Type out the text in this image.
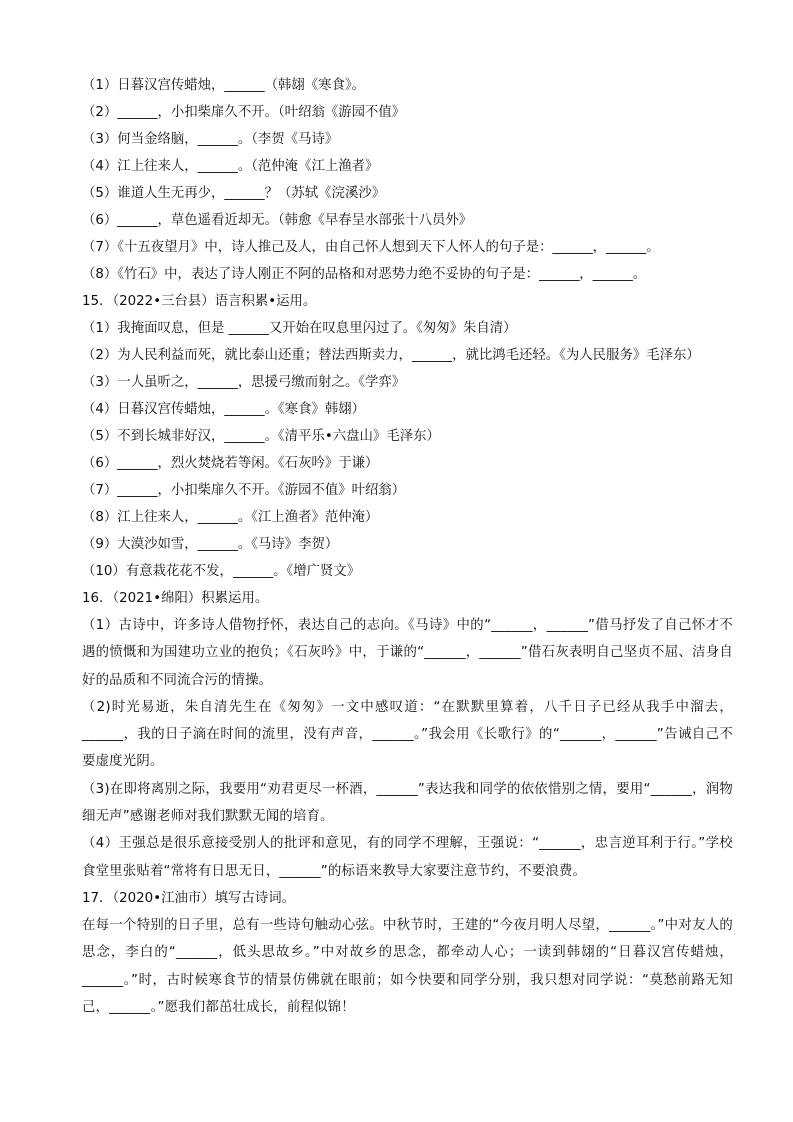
（1）日暮汉宫传蜡烛，______（韩翃《寒食》。
（2）______，小扣柴扉久不开。（叶绍翁《游园不值》
（3）何当金络脑，______。（李贺《马诗》
（4）江上往来人，______。（范仲淹《江上渔者》
（5）谁道人生无再少，______？（苏轼《浣溪沙》
（6）______，草色遥看近却无。（韩愈《早春呈水部张十八员外》
（7）《十五夜望月》中，诗人推己及人，由自己怀人想到天下人怀人的句子是：______，______。
（8）《竹石》中，表达了诗人刚正不阿的品格和对恶势力绝不妥协的句子是：______，______。
15．（2022•三台县）语言积累•运用。
（1）我掩面叹息，但是 ______又开始在叹息里闪过了。《匆匆》朱自清）
（2）为人民利益而死，就比泰山还重；替法西斯卖力，______，就比鸿毛还轻。《为人民服务》毛泽东）
（3）一人虽听之，______，思援弓缴而射之。《学弈》
（4）日暮汉宫传蜡烛，______。《寒食》韩翃）
（5）不到长城非好汉，______。《清平乐•六盘山》毛泽东）
（6）______，烈火焚烧若等闲。《石灰吟》于谦）
（7）______，小扣柴扉久不开。《游园不值》叶绍翁）
（8）江上往来人，______。《江上渔者》范仲淹）
（9）大漠沙如雪，______。《马诗》李贺）
（10）有意栽花花不发，______。《增广贤文》
16．（2021•绵阳）积累运用。
（1）古诗中，许多诗人借物抒怀，表达自己的志向。《马诗》中的“______，______”借马抒发了自己怀才不遇的愤慨和为国建功立业的抱负；《石灰吟》中，于谦的“______，______”借石灰表明自己坚贞不屈、洁身自好的品质和不同流合污的情操。
（2)时光易逝，朱自清先生在《匆匆》一文中感叹道：“在默默里算着，八千日子已经从我手中溜去，______，我的日子滴在时间的流里，没有声音，______。”我会用《长歌行》的“______，______”告诫自己不要虚度光阴。
（3)在即将离别之际，我要用“劝君更尽一杯酒，______”表达我和同学的依依惜别之情，要用“______，润物细无声”感谢老师对我们默默无闻的培育。
（4）王强总是很乐意接受别人的批评和意见，有的同学不理解，王强说：“______，忠言逆耳利于行。”学校食堂里张贴着“常将有日思无日，______”的标语来教导大家要注意节约，不要浪费。
17．（2020•江油市）填写古诗词。
在每一个特别的日子里，总有一些诗句触动心弦。中秋节时，王建的“今夜月明人尽望，______。”中对友人的思念，李白的“______，低头思故乡。”中对故乡的思念，都牵动人心；一读到韩翃的“日暮汉宫传蜡烛，______。”时，古时候寒食节的情景仿佛就在眼前；如今快要和同学分别，我只想对同学说：“莫愁前路无知己，______。”愿我们都茁壮成长，前程似锦！
